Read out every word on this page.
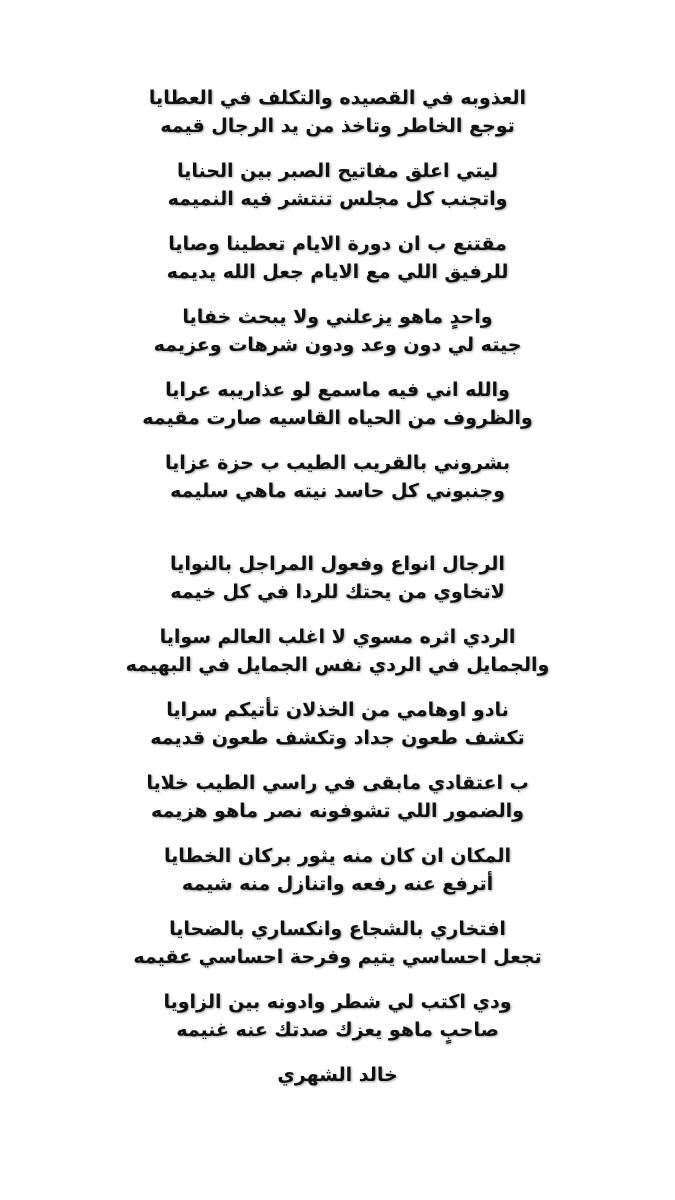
العذوبه في القصيده والتكلف في العطايا
توجع الخاطر وتاخذ من يد الرجال قيمه
ليتي اعلق مفاتيح الصبر بين الحنايا
واتجنب كل مجلس تنتشر فيه النميمه
مقتنع ب ان دورة الايام تعطينا وصايا
للرفيق اللي مع الايام جعل الله يديمه
واحدٍ ماهو يزعلني ولا يبحث خفايا
جيته لي دون وعد ودون شرهات وعزيمه
والله اني فيه ماسمع لو عذاريبه عرايا
والظروف من الحياه القاسيه صارت مقيمه
بشروني بالقريب الطيب ب حزة عزايا
وجنبوني كل حاسد نيته ماهي سليمه
الرجال انواع وفعول المراجل بالنوايا
لاتخاوي من يحتك للردا في كل خيمه
الردي اثره مسوي لا اغلب العالم سوايا
والجمايل في الردي نفس الجمايل في البهيمه
نادو اوهامي من الخذلان تأتيكم سرايا
تكشف طعون جداد وتكشف طعون قديمه
ب اعتقادي مابقى في راسي الطيب خلايا
والضمور اللي تشوفونه نصر ماهو هزيمه
المكان ان كان منه يثور بركان الخطايا
أترفع عنه رفعه واتنازل منه شيمه
افتخاري بالشجاع وانكساري بالضحايا
تجعل احساسي يتيم وفرحة احساسي عقيمه
ودي اكتب لي شطر وادونه بين الزاويا
صاحبٍ ماهو يعزك صدتك عنه غنيمه
خالد الشهري
